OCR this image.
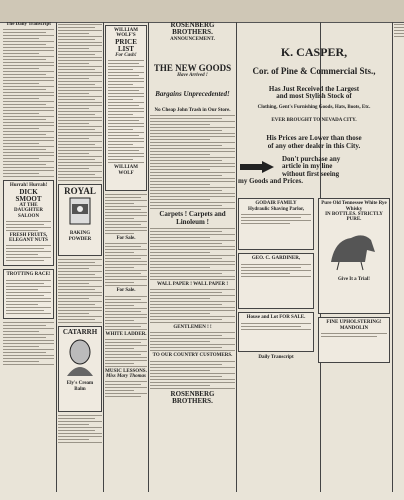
The Daily Transcript
Hurrah! Hurrah!
DICK SMOOT
AT THE
DAUGHTER SALOON
FRESH FRUITS, ELEGANT NUTS
TROTTING RACE!
ROYAL
BAKING POWDER
CATARRH
Ely's Cream Balm
WILLIAM WOLF'S
PRICE LIST
For Cash!
WILLIAM WOLF
For Sale.
For Sale.
WHITE LADDER.
MUSIC LESSONS.
Miss Mary Thomas
ROSENBERG BROTHERS.
ANNOUNCEMENT.
THE NEW GOODS
Have Arrived !
Bargains Unprecedented!
No Cheap John Trash in Our Store.
Carpets ! Carpets and Linoleum !
WALL PAPER ! WALL PAPER !
GENTLEMEN ! !
TO OUR COUNTRY CUSTOMERS.
ROSENBERG BROTHERS.
K. CASPER,
Cor. of Pine & Commercial Sts.,
Has Just Received the Largest
and most Stylish Stock of
Clothing, Gent's Furnishing Goods, Hats, Boots, Etc.
EVER BROUGHT TO NEVADA CITY.
His Prices are Lower than those
of any other dealer in this City.
Don't purchase any
article in my line
without first seeing
my Goods and Prices.
GODAIR FAMILY
Hydraulic Shaving Parlor,
GEO. C. GARDINER,
House and Lot FOR SALE.
Daily Transcript
Pure Old Tennessee White Rye Whisky
IN BOTTLES. STRICTLY PURE.
Give It a Trial!
FINE UPHOLSTERING!
MANDOLIN
